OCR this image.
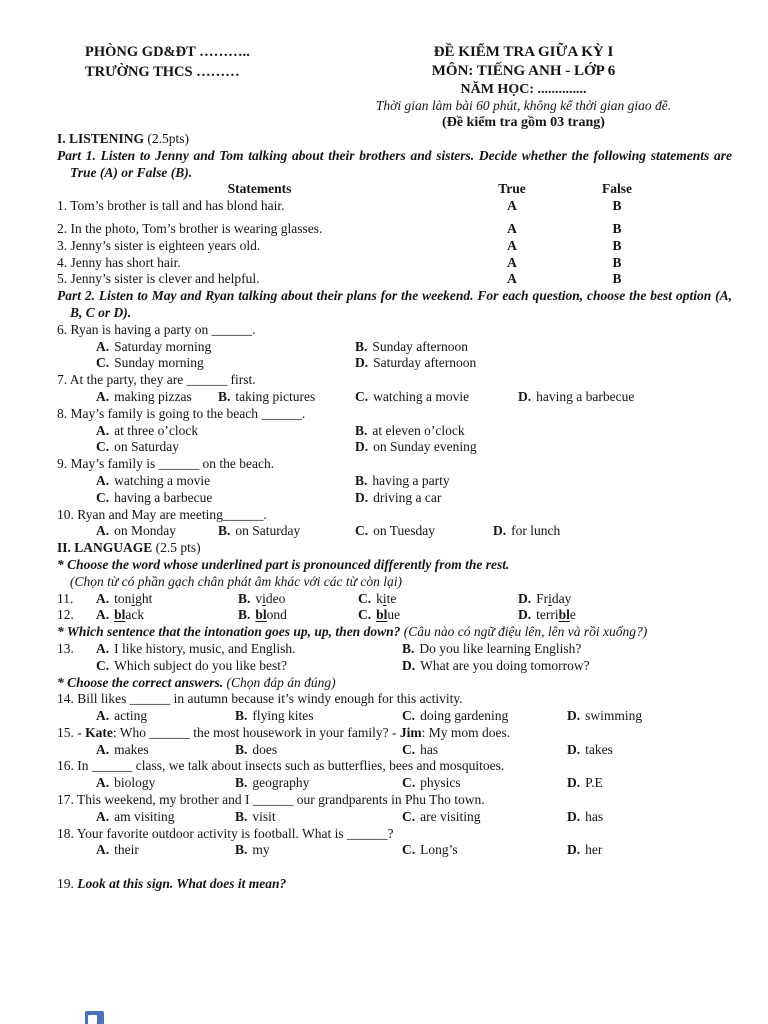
PHÒNG GD&ĐT ………..
TRƯỜNG THCS ………
ĐỀ KIỂM TRA GIỮA KỲ I
MÔN: TIẾNG ANH - LỚP 6
NĂM HỌC: ..............
Thời gian làm bài 60 phút, không kể thời gian giao đề.
(Đề kiểm tra gồm 03 trang)
I. LISTENING (2.5pts)
Part 1. Listen to Jenny and Tom talking about their brothers and sisters. Decide whether the following statements are True (A) or False (B).
Statements	True	False
1. Tom’s brother is tall and has blond hair.	A	B
2. In the photo, Tom’s brother is wearing glasses.	A	B
3. Jenny’s sister is eighteen years old.	A	B
4. Jenny has short hair.	A	B
5. Jenny’s sister is clever and helpful.	A	B
Part 2. Listen to May and Ryan talking about their plans for the weekend. For each question, choose the best option (A, B, C or D).
6. Ryan is having a party on ______.
A. Saturday morning	B. Sunday afternoon
C. Sunday morning	D. Saturday afternoon
7. At the party, they are ______ first.
A. making pizzas	B. taking pictures	C. watching a movie	D. having a barbecue
8. May’s family is going to the beach ______.
A. at three o’clock	B. at eleven o’clock
C. on Saturday	D. on Sunday evening
9. May’s family is ______ on the beach.
A. watching a movie	B. having a party
C. having a barbecue	D. driving a car
10. Ryan and May are meeting______.
A. on Monday	B. on Saturday	C. on Tuesday	D. for lunch
II. LANGUAGE (2.5 pts)
* Choose the word whose underlined part is pronounced differently from the rest.
(Chọn từ có phần gạch chân phát âm khác với các từ còn lại)
11.	A. tonight	B. video	C. kite	D. Friday
12.	A. black	B. blond	C. blue	D. terrible
* Which sentence that the intonation goes up, up, then down? (Câu nào có ngữ điệu lên, lên và rồi xuống?)
13.	A. I like history, music, and English.	B. Do you like learning English?
C. Which subject do you like best?	D. What are you doing tomorrow?
* Choose the correct answers. (Chọn đáp án đúng)
14. Bill likes ______ in autumn because it’s windy enough for this activity.
A. acting	B. flying kites	C. doing gardening	D. swimming
15. - Kate: Who ______ the most housework in your family? - Jim: My mom does.
A. makes	B. does	C. has	D. takes
16. In ______ class, we talk about insects such as butterflies, bees and mosquitoes.
A. biology	B. geography	C. physics	D. P.E
17. This weekend, my brother and I ______ our grandparents in Phu Tho town.
A. am visiting	B. visit	C. are visiting	D. has
18. Your favorite outdoor activity is football. What is ______?
A. their	B. my	C. Long’s	D. her
19. Look at this sign. What does it mean?
